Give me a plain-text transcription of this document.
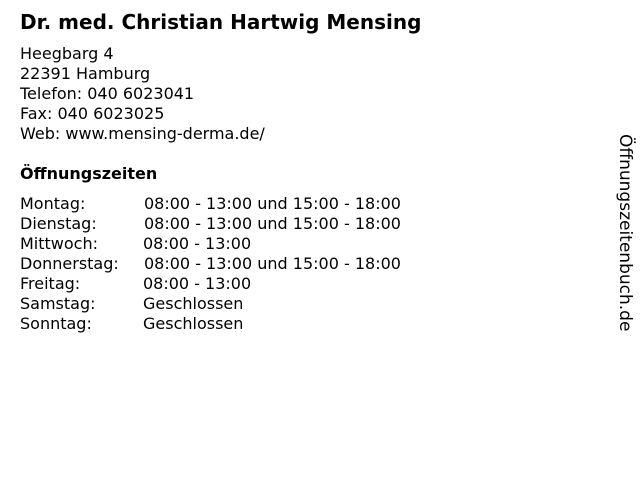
Dr. med. Christian Hartwig Mensing
Heegbarg 4
22391 Hamburg
Telefon: 040 6023041
Fax: 040 6023025
Web: www.mensing-derma.de/
Öffnungszeiten
Montag:	08:00 - 13:00 und 15:00 - 18:00
Dienstag:	08:00 - 13:00 und 15:00 - 18:00
Mittwoch:	08:00 - 13:00
Donnerstag: 08:00 - 13:00 und 15:00 - 18:00
Freitag:	08:00 - 13:00
Samstag:	Geschlossen
Sonntag:	Geschlossen	Öffnungszeitenbuch.de
